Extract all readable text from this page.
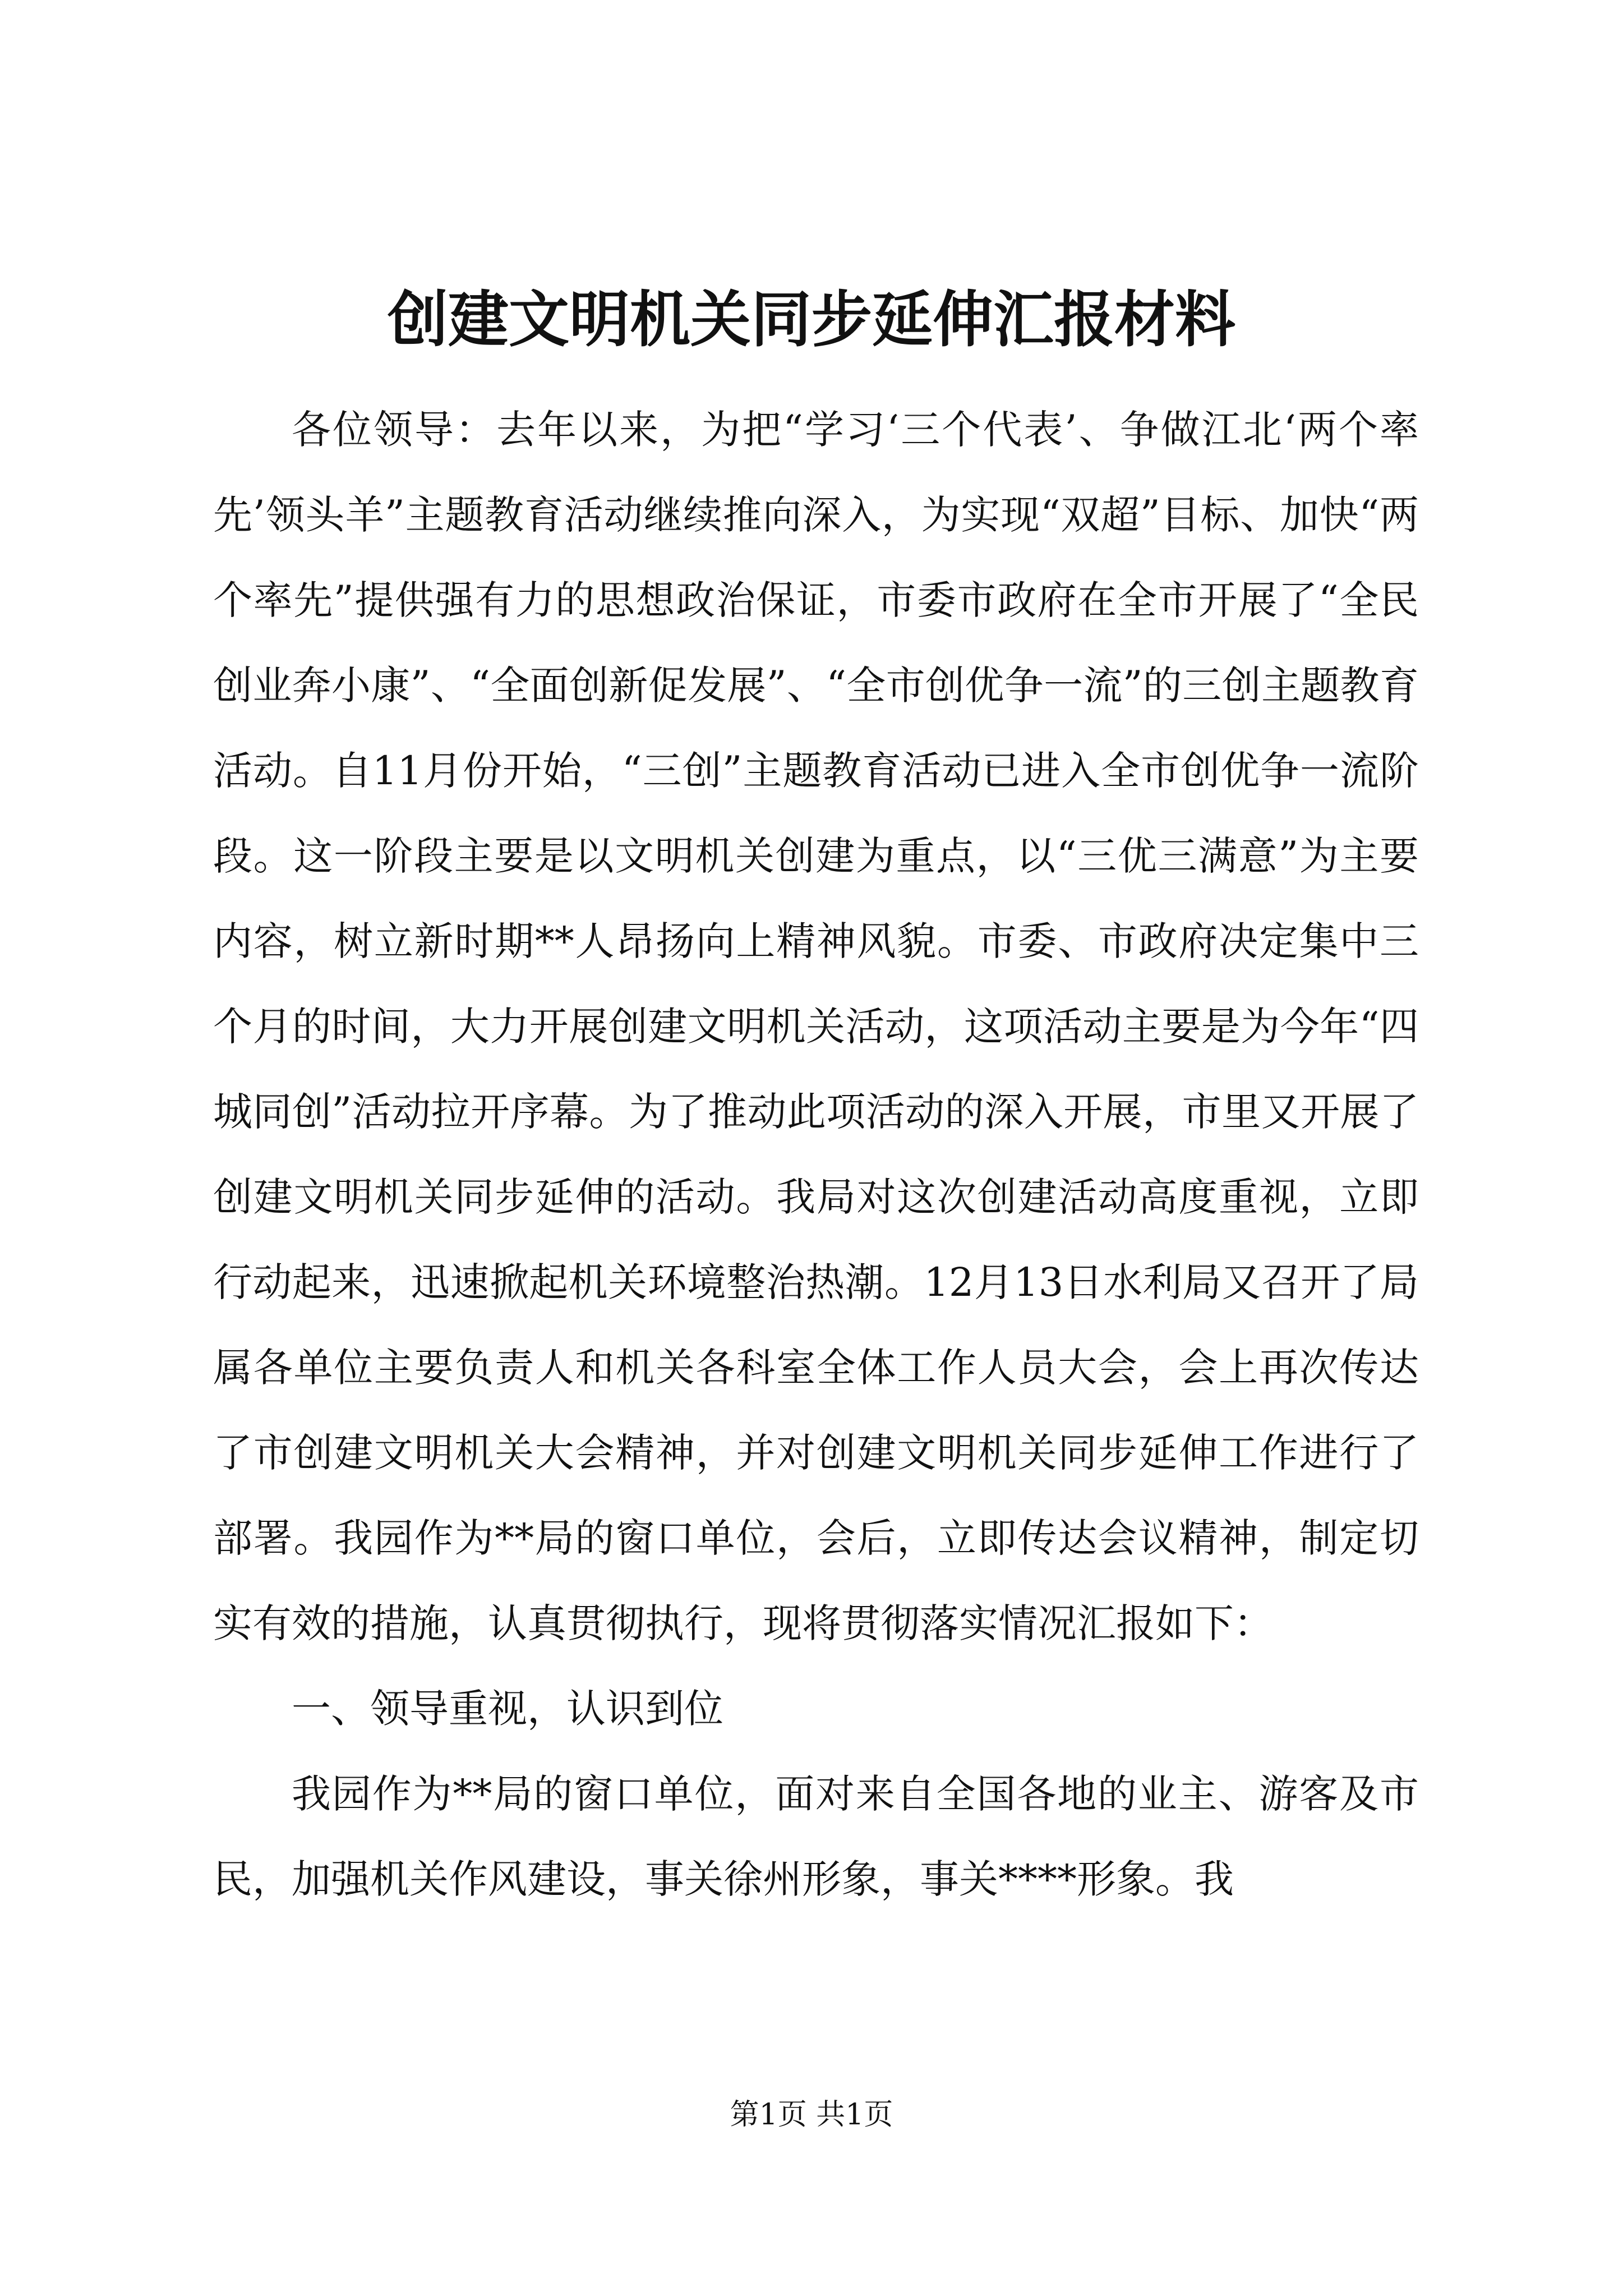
创建文明机关同步延伸汇报材料

各位领导：去年以来，为把“学习‘三个代表’、争做江北‘两个率先’领头羊”主题教育活动继续推向深入，为实现“双超”目标、加快“两个率先”提供强有力的思想政治保证，市委市政府在全市开展了“全民创业奔小康”、“全面创新促发展”、“全市创优争一流”的三创主题教育活动。自11月份开始，“三创”主题教育活动已进入全市创优争一流阶段。这一阶段主要是以文明机关创建为重点，以“三优三满意”为主要内容，树立新时期**人昂扬向上精神风貌。市委、市政府决定集中三个月的时间，大力开展创建文明机关活动，这项活动主要是为今年“四城同创”活动拉开序幕。为了推动此项活动的深入开展，市里又开展了创建文明机关同步延伸的活动。我局对这次创建活动高度重视，立即行动起来，迅速掀起机关环境整治热潮。12月13日水利局又召开了局属各单位主要负责人和机关各科室全体工作人员大会，会上再次传达了市创建文明机关大会精神，并对创建文明机关同步延伸工作进行了部署。我园作为**局的窗口单位，会后，立即传达会议精神，制定切实有效的措施，认真贯彻执行，现将贯彻落实情况汇报如下：

一、领导重视，认识到位

我园作为**局的窗口单位，面对来自全国各地的业主、游客及市民，加强机关作风建设，事关徐州形象，事关****形象。我

第1页 共1页
